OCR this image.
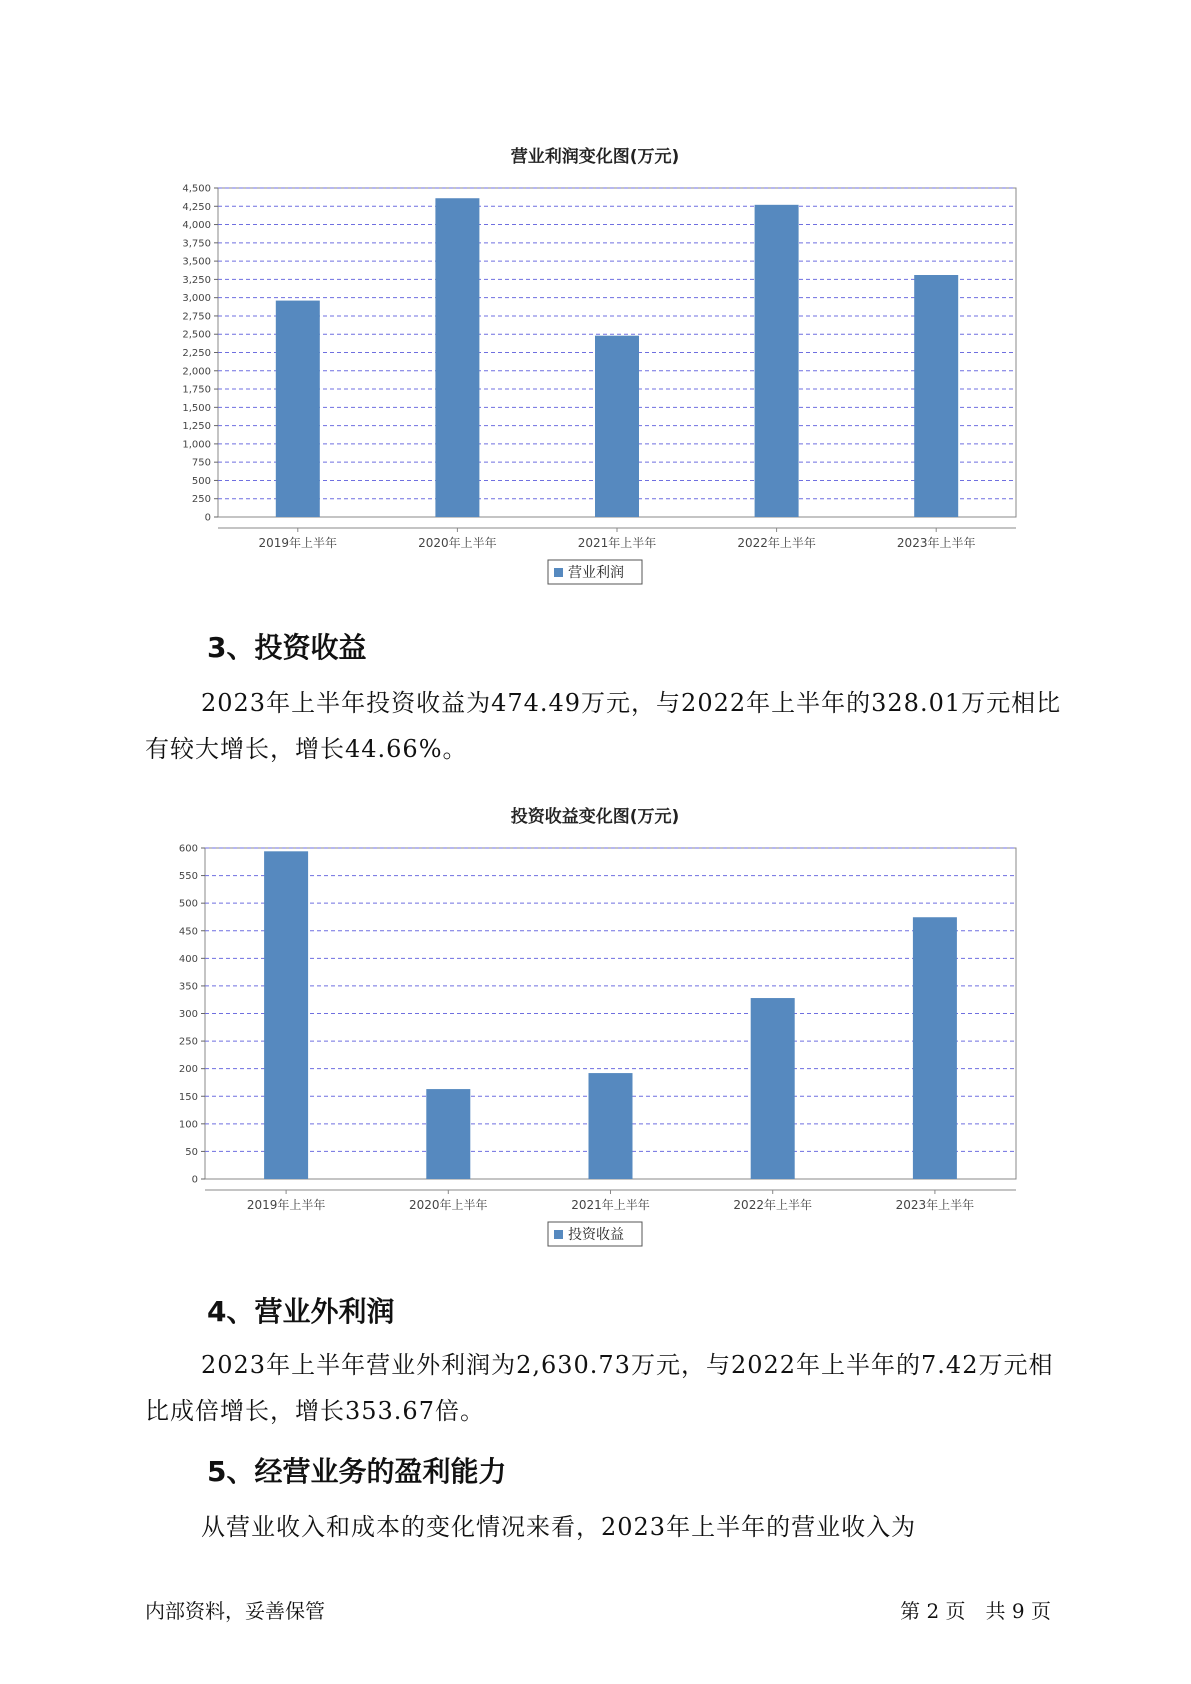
营业利润变化图(万元)
0
250
500
750
1,000
1,250
1,500
1,750
2,000
2,250
2,500
2,750
3,000
3,250
3,500
3,750
4,000
4,250
4,500
2019年上半年	2020年上半年	2021年上半年	2022年上半年	2023年上半年
营业利润
3、投资收益

2023年上半年投资收益为474.49万元，与2022年上半年的328.01万元相比有较大增长，增长44.66%。

投资收益变化图(万元)
0
50
100
150
200
250
300
350
400
450
500
550
600
2019年上半年	2020年上半年	2021年上半年	2022年上半年	2023年上半年
投资收益
4、营业外利润

2023年上半年营业外利润为2,630.73万元，与2022年上半年的7.42万元相比成倍增长，增长353.67倍。

5、经营业务的盈利能力

从营业收入和成本的变化情况来看，2023年上半年的营业收入为

内部资料，妥善保管	第 2 页　共 9 页
